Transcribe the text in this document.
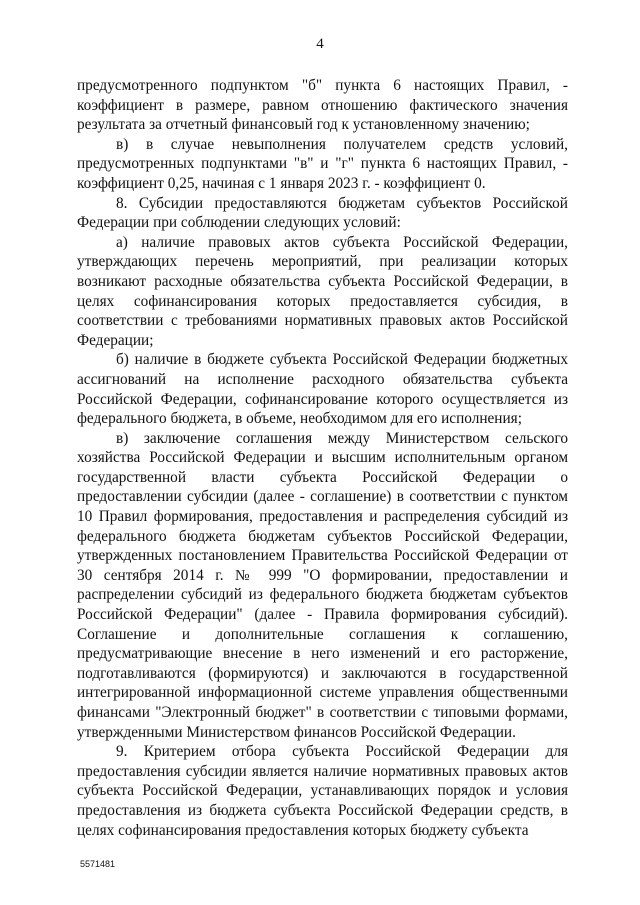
4

предусмотренного подпунктом "б" пункта 6 настоящих Правил, - коэффициент в размере, равном отношению фактического значения результата за отчетный финансовый год к установленному значению;

в) в случае невыполнения получателем средств условий, предусмотренных подпунктами "в" и "г" пункта 6 настоящих Правил, - коэффициент 0,25, начиная с 1 января 2023 г. - коэффициент 0.

8. Субсидии предоставляются бюджетам субъектов Российской Федерации при соблюдении следующих условий:

а) наличие правовых актов субъекта Российской Федерации, утверждающих перечень мероприятий, при реализации которых возникают расходные обязательства субъекта Российской Федерации, в целях софинансирования которых предоставляется субсидия, в соответствии с требованиями нормативных правовых актов Российской Федерации;

б) наличие в бюджете субъекта Российской Федерации бюджетных ассигнований на исполнение расходного обязательства субъекта Российской Федерации, софинансирование которого осуществляется из федерального бюджета, в объеме, необходимом для его исполнения;

в) заключение соглашения между Министерством сельского хозяйства Российской Федерации и высшим исполнительным органом государственной власти субъекта Российской Федерации о предоставлении субсидии (далее - соглашение) в соответствии с пунктом 10 Правил формирования, предоставления и распределения субсидий из федерального бюджета бюджетам субъектов Российской Федерации, утвержденных постановлением Правительства Российской Федерации от 30 сентября 2014 г. № 999 "О формировании, предоставлении и распределении субсидий из федерального бюджета бюджетам субъектов Российской Федерации" (далее - Правила формирования субсидий). Соглашение и дополнительные соглашения к соглашению, предусматривающие внесение в него изменений и его расторжение, подготавливаются (формируются) и заключаются в государственной интегрированной информационной системе управления общественными финансами "Электронный бюджет" в соответствии с типовыми формами, утвержденными Министерством финансов Российской Федерации.

9. Критерием отбора субъекта Российской Федерации для предоставления субсидии является наличие нормативных правовых актов субъекта Российской Федерации, устанавливающих порядок и условия предоставления из бюджета субъекта Российской Федерации средств, в целях софинансирования предоставления которых бюджету субъекта

5571481
